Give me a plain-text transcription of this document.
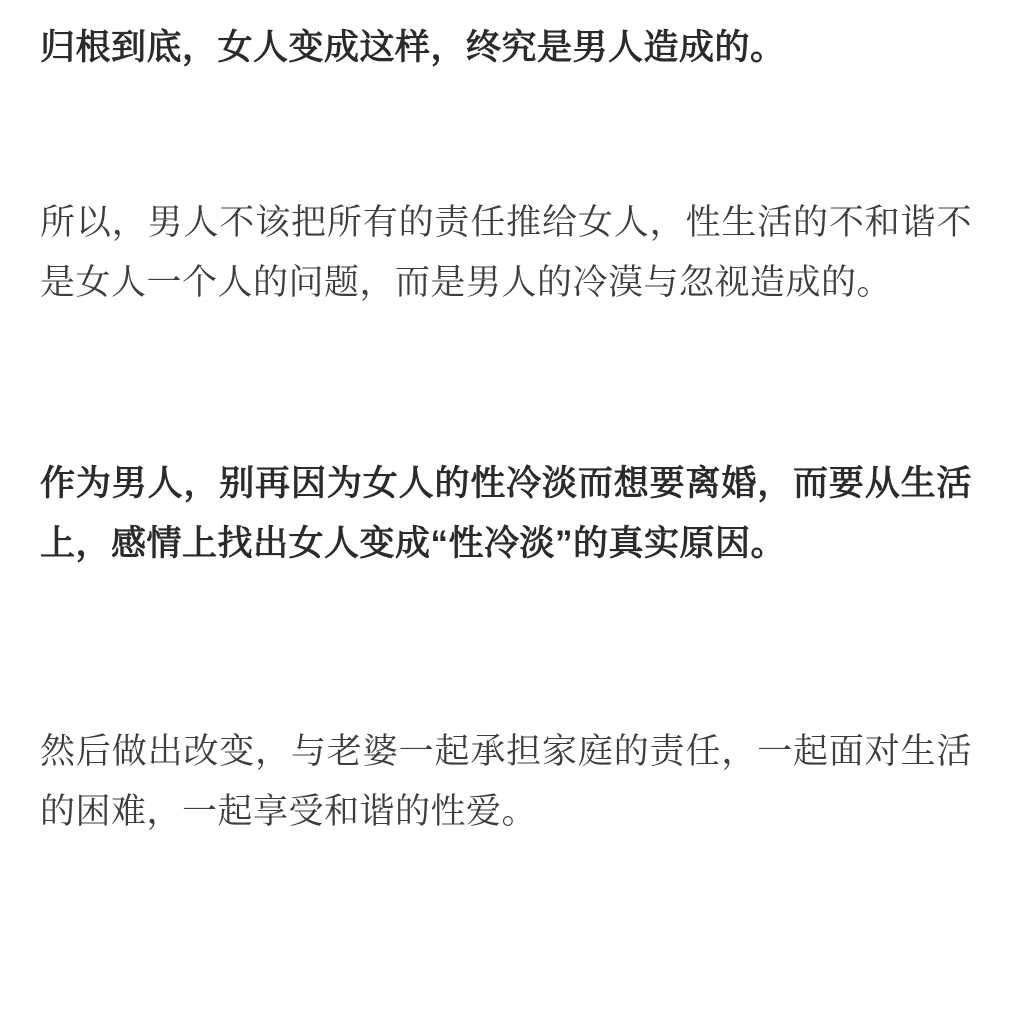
归根到底，女人变成这样，终究是男人造成的。

所以，男人不该把所有的责任推给女人，性生活的不和谐不是女人一个人的问题，而是男人的冷漠与忽视造成的。

作为男人，别再因为女人的性冷淡而想要离婚，而要从生活上，感情上找出女人变成“性冷淡”的真实原因。

然后做出改变，与老婆一起承担家庭的责任，一起面对生活的困难，一起享受和谐的性爱。
